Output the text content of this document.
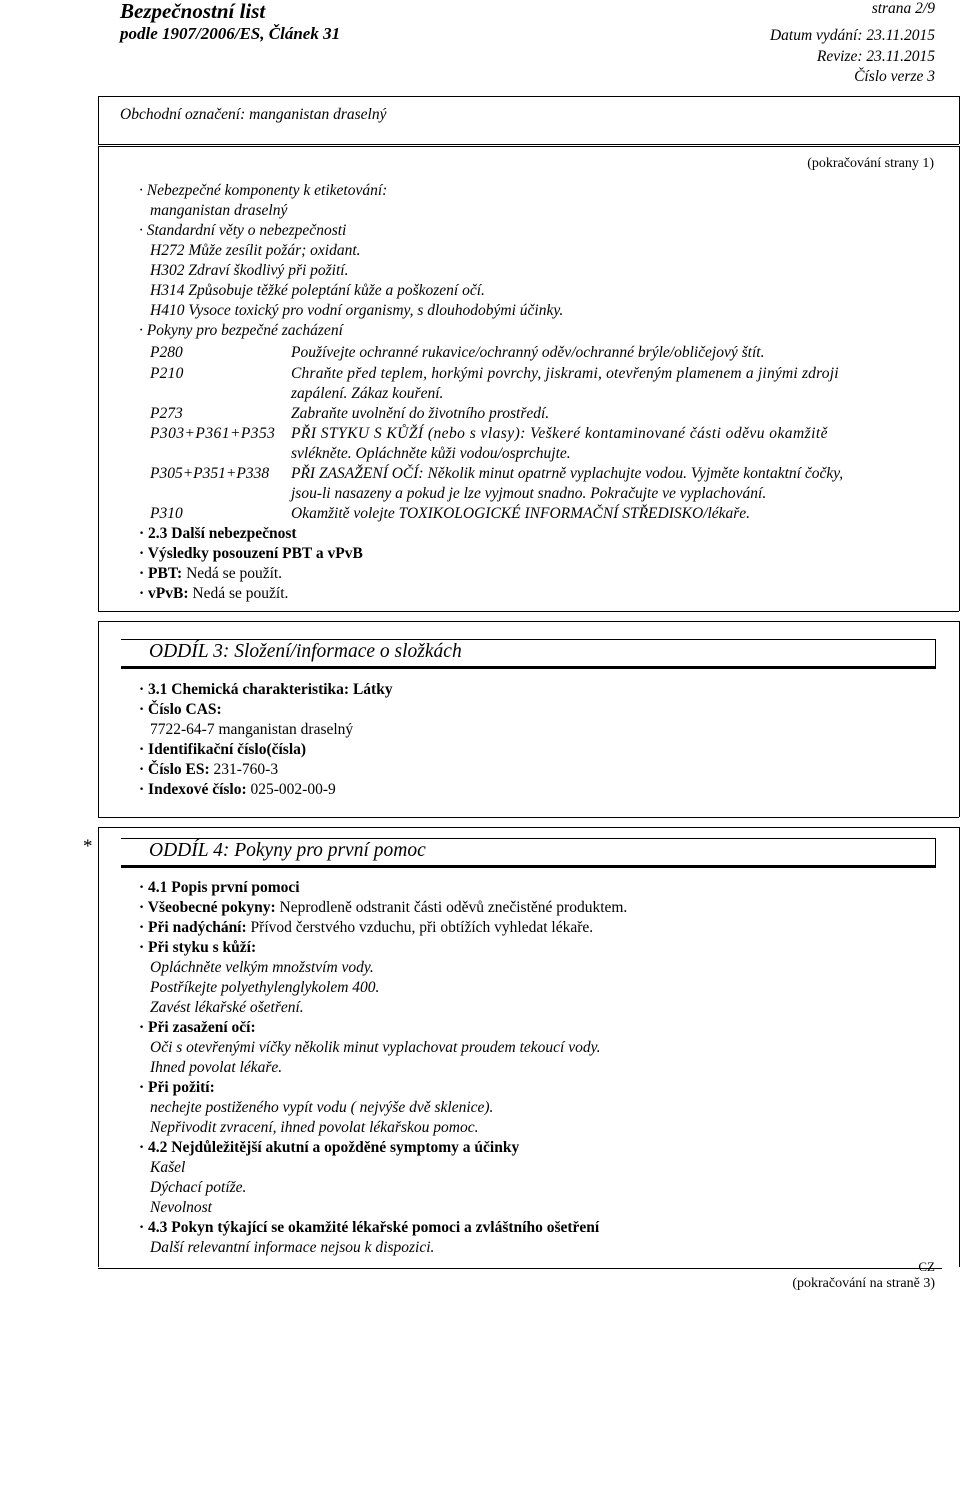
Bezpečnostní list
podle 1907/2006/ES, Článek 31
strana 2/9
Datum vydání: 23.11.2015
Revize: 23.11.2015
Číslo verze 3
Obchodní označení: manganistan draselný
(pokračování strany 1)
· Nebezpečné komponenty k etiketování:
manganistan draselný
· Standardní věty o nebezpečnosti
H272 Může zesílit požár; oxidant.
H302 Zdraví škodlivý při požití.
H314 Způsobuje těžké poleptání kůže a poškození očí.
H410 Vysoce toxický pro vodní organismy, s dlouhodobými účinky.
· Pokyny pro bezpečné zacházení
P280	Používejte ochranné rukavice/ochranný oděv/ochranné brýle/obličejový štít.
P210	Chraňte před teplem, horkými povrchy, jiskrami, otevřeným plamenem a jinými zdroji
zapálení. Zákaz kouření.
P273	Zabraňte uvolnění do životního prostředí.
P303+P361+P353 PŘI STYKU S KŮŽÍ (nebo s vlasy): Veškeré kontaminované části oděvu okamžitě
svlékněte. Opláchněte kůži vodou/osprchujte.
P305+P351+P338 PŘI ZASAŽENÍ OČÍ: Několik minut opatrně vyplachujte vodou. Vyjměte kontaktní čočky,
jsou-li nasazeny a pokud je lze vyjmout snadno. Pokračujte ve vyplachování.
P310	Okamžitě volejte TOXIKOLOGICKÉ INFORMAČNÍ STŘEDISKO/lékaře.
· 2.3 Další nebezpečnost
· Výsledky posouzení PBT a vPvB
· PBT: Nedá se použít.
· vPvB: Nedá se použít.
ODDÍL 3: Složení/informace o složkách
· 3.1 Chemická charakteristika: Látky
· Číslo CAS:
7722-64-7 manganistan draselný
· Identifikační číslo(čísla)
· Číslo ES: 231-760-3
· Indexové číslo: 025-002-00-9
*	ODDÍL 4: Pokyny pro první pomoc
· 4.1 Popis první pomoci
· Všeobecné pokyny: Neprodleně odstranit části oděvů znečistěné produktem.
· Při nadýchání: Přívod čerstvého vzduchu, při obtížích vyhledat lékaře.
· Při styku s kůží:
Opláchněte velkým množstvím vody.
Postříkejte polyethylenglykolem 400.
Zavést lékařské ošetření.
· Při zasažení očí:
Oči s otevřenými víčky několik minut vyplachovat proudem tekoucí vody.
Ihned povolat lékaře.
· Při požití:
nechejte postiženého vypít vodu ( nejvýše dvě sklenice).
Nepřivodit zvracení, ihned povolat lékařskou pomoc.
· 4.2 Nejdůležitější akutní a opožděné symptomy a účinky
Kašel
Dýchací potíže.
Nevolnost
· 4.3 Pokyn týkající se okamžité lékařské pomoci a zvláštního ošetření
Další relevantní informace nejsou k dispozici.
CZ
(pokračování na straně 3)
